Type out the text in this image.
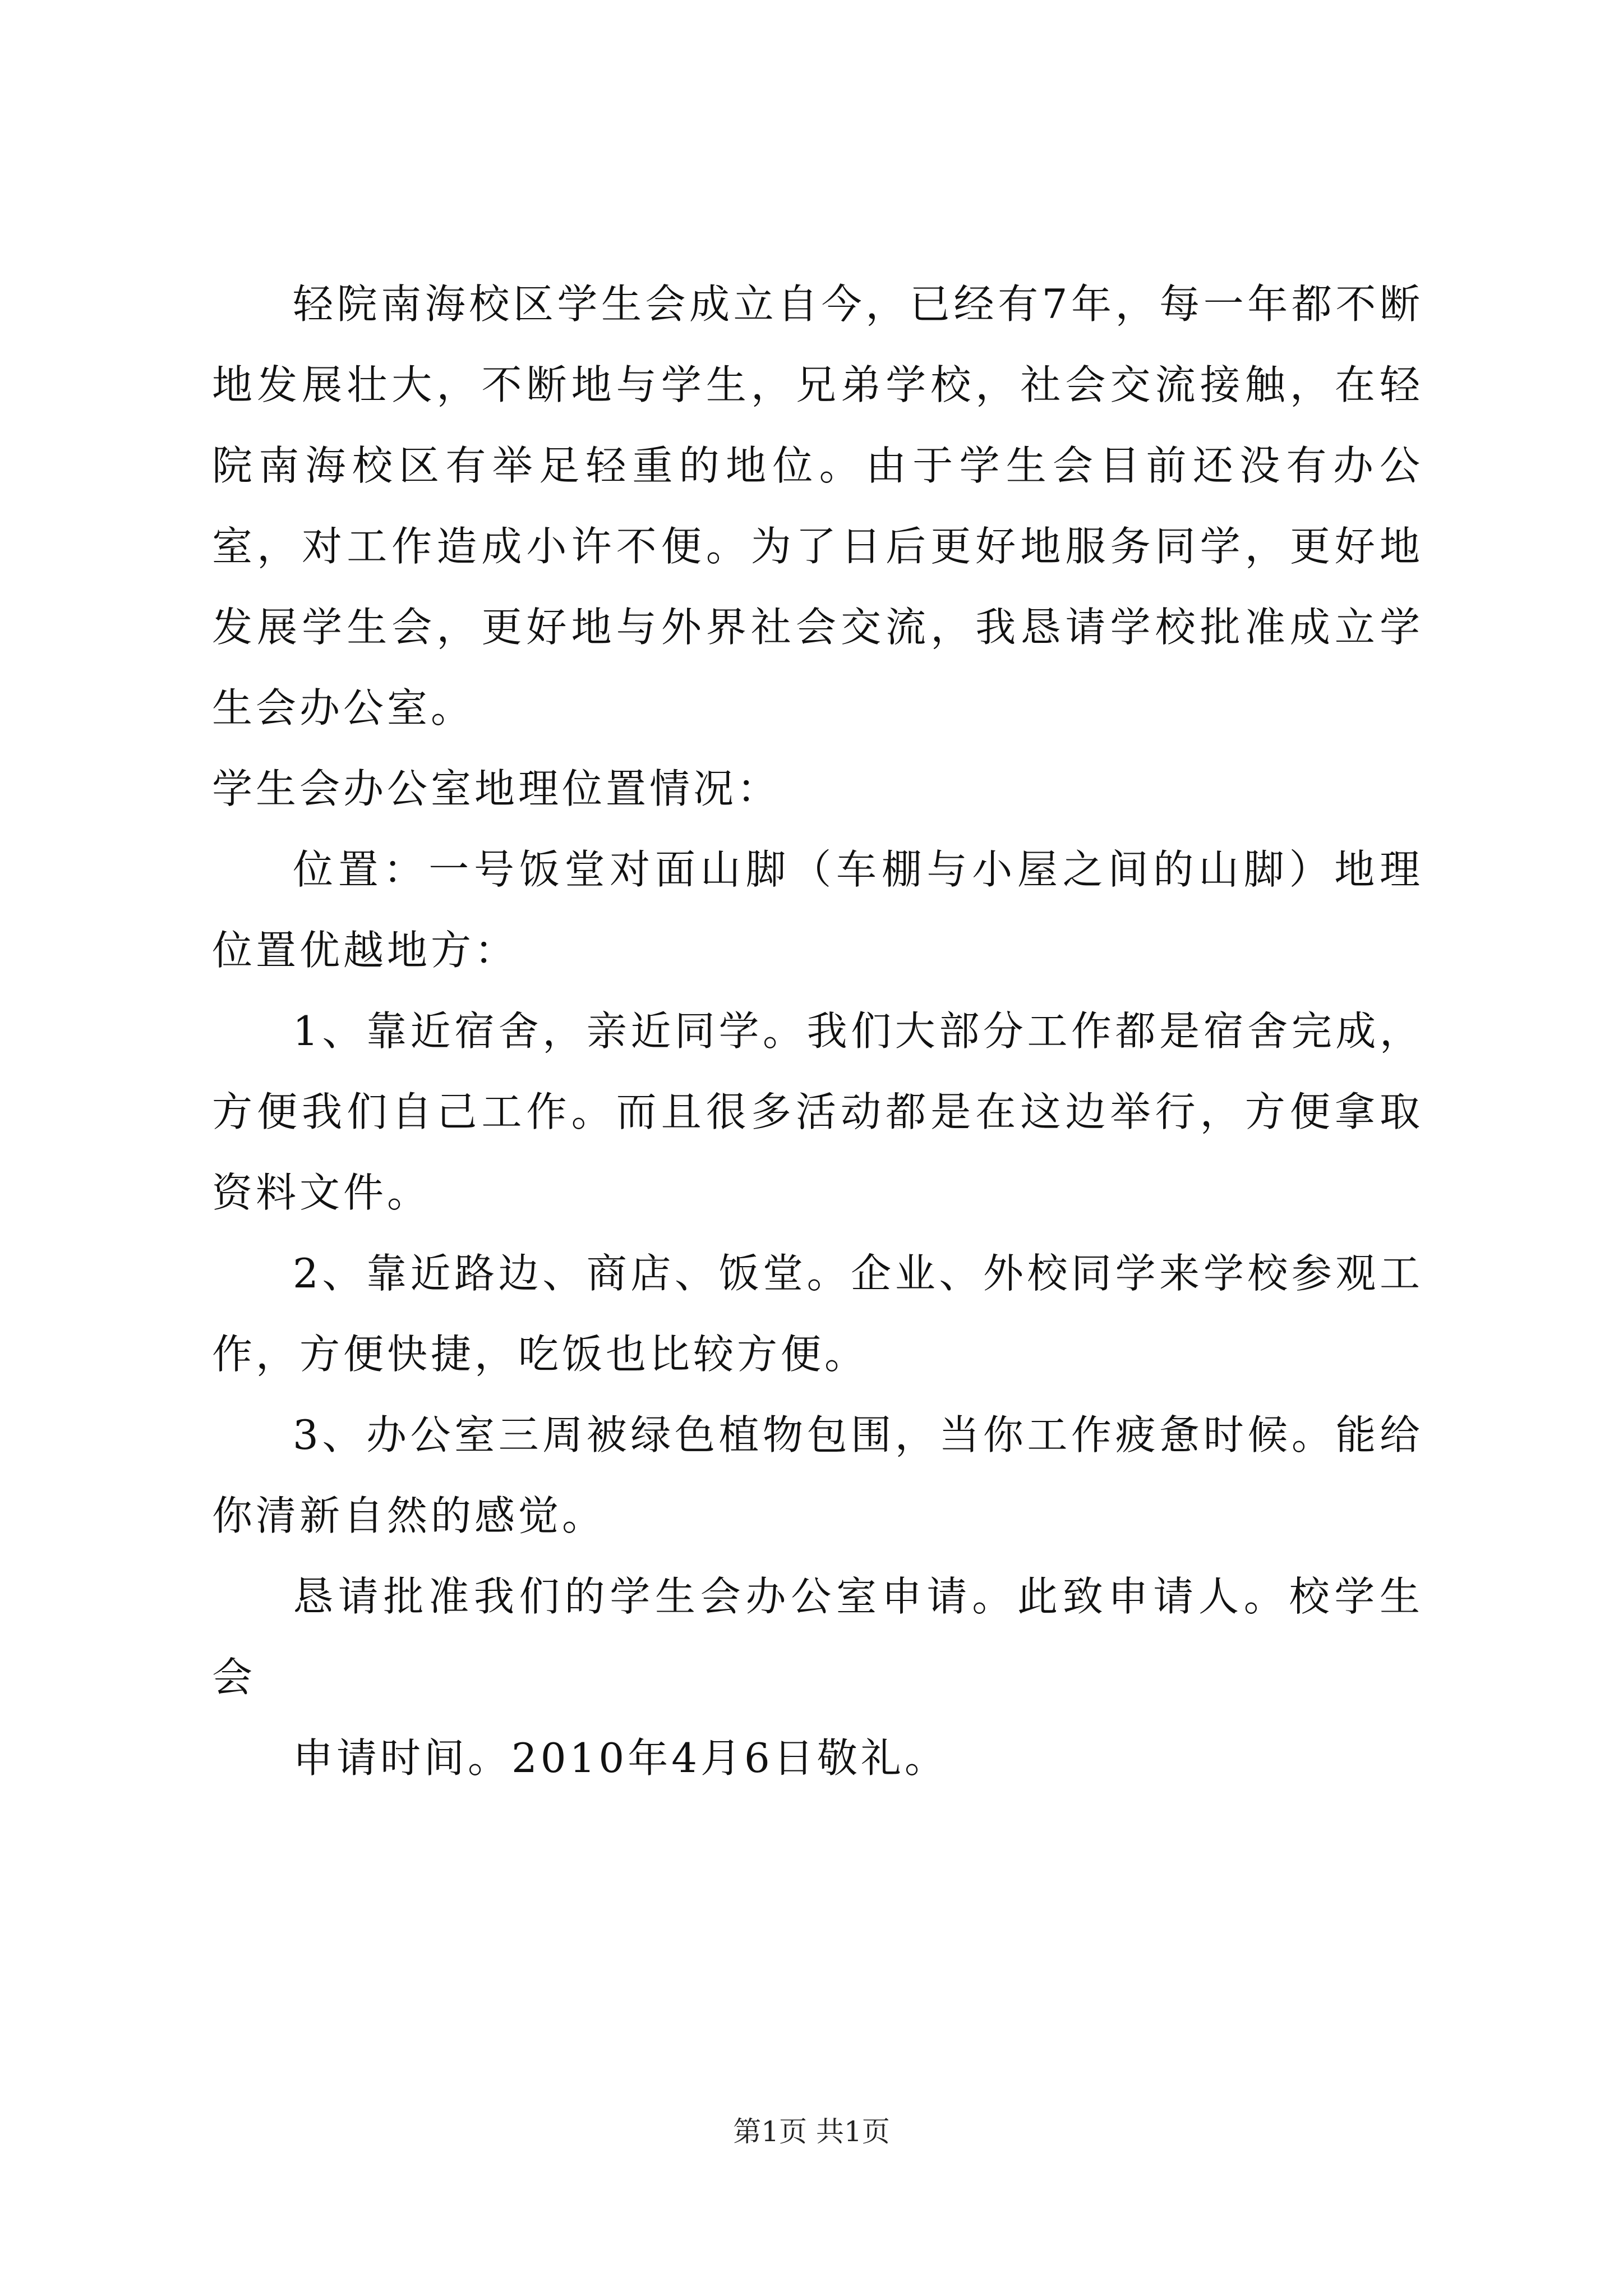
轻院南海校区学生会成立自今，已经有7年，每一年都不断地发展壮大，不断地与学生，兄弟学校，社会交流接触，在轻院南海校区有举足轻重的地位。由于学生会目前还没有办公室，对工作造成小许不便。为了日后更好地服务同学，更好地发展学生会，更好地与外界社会交流，我恳请学校批准成立学生会办公室。

学生会办公室地理位置情况：

位置：一号饭堂对面山脚（车棚与小屋之间的山脚）地理位置优越地方：

1、靠近宿舍，亲近同学。我们大部分工作都是宿舍完成，方便我们自己工作。而且很多活动都是在这边举行，方便拿取资料文件。

2、靠近路边、商店、饭堂。企业、外校同学来学校参观工作，方便快捷，吃饭也比较方便。

3、办公室三周被绿色植物包围，当你工作疲惫时候。能给你清新自然的感觉。

恳请批准我们的学生会办公室申请。此致申请人。校学生会

申请时间。2010年4月6日敬礼。

第1页 共1页
